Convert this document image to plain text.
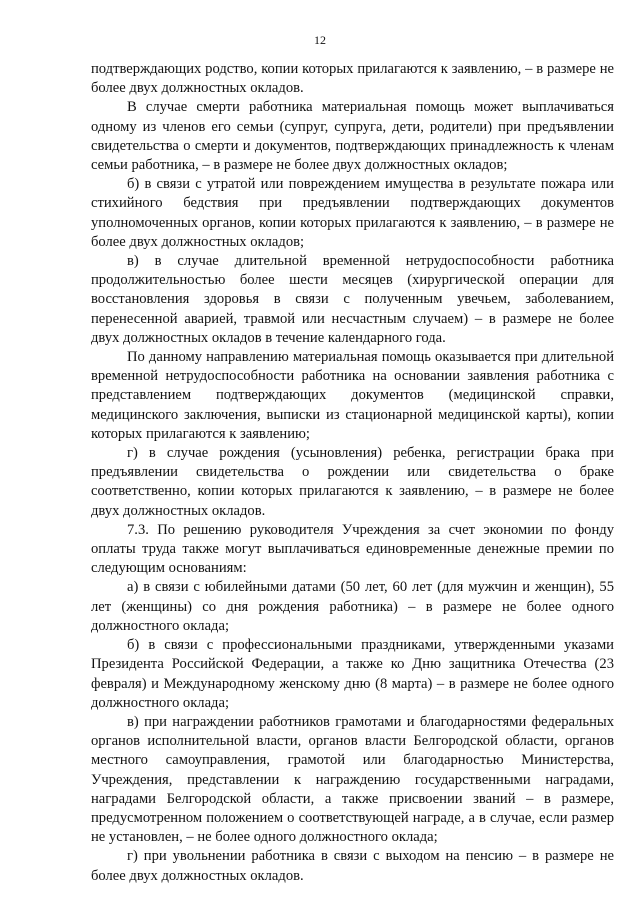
12

подтверждающих родство, копии которых прилагаются к заявлению, – в размере не более двух должностных окладов.

В случае смерти работника материальная помощь может выплачиваться одному из членов его семьи (супруг, супруга, дети, родители) при предъявлении свидетельства о смерти и документов, подтверждающих принадлежность к членам семьи работника, – в размере не более двух должностных окладов;

б) в связи с утратой или повреждением имущества в результате пожара или стихийного бедствия при предъявлении подтверждающих документов уполномоченных органов, копии которых прилагаются к заявлению, – в размере не более двух должностных окладов;

в) в случае длительной временной нетрудоспособности работника продолжительностью более шести месяцев (хирургической операции для восстановления здоровья в связи с полученным увечьем, заболеванием, перенесенной аварией, травмой или несчастным случаем) – в размере не более двух должностных окладов в течение календарного года.

По данному направлению материальная помощь оказывается при длительной временной нетрудоспособности работника на основании заявления работника с представлением подтверждающих документов (медицинской справки, медицинского заключения, выписки из стационарной медицинской карты), копии которых прилагаются к заявлению;

г) в случае рождения (усыновления) ребенка, регистрации брака при предъявлении свидетельства о рождении или свидетельства о браке соответственно, копии которых прилагаются к заявлению, – в размере не более двух должностных окладов.

7.3. По решению руководителя Учреждения за счет экономии по фонду оплаты труда также могут выплачиваться единовременные денежные премии по следующим основаниям:

а) в связи с юбилейными датами (50 лет, 60 лет (для мужчин и женщин), 55 лет (женщины) со дня рождения работника) – в размере не более одного должностного оклада;

б) в связи с профессиональными праздниками, утвержденными указами Президента Российской Федерации, а также ко Дню защитника Отечества (23 февраля) и Международному женскому дню (8 марта) – в размере не более одного должностного оклада;

в) при награждении работников грамотами и благодарностями федеральных органов исполнительной власти, органов власти Белгородской области, органов местного самоуправления, грамотой или благодарностью Министерства, Учреждения, представлении к награждению государственными наградами, наградами Белгородской области, а также присвоении званий – в размере, предусмотренном положением о соответствующей награде, а в случае, если размер не установлен, – не более одного должностного оклада;

г) при увольнении работника в связи с выходом на пенсию – в размере не более двух должностных окладов.
